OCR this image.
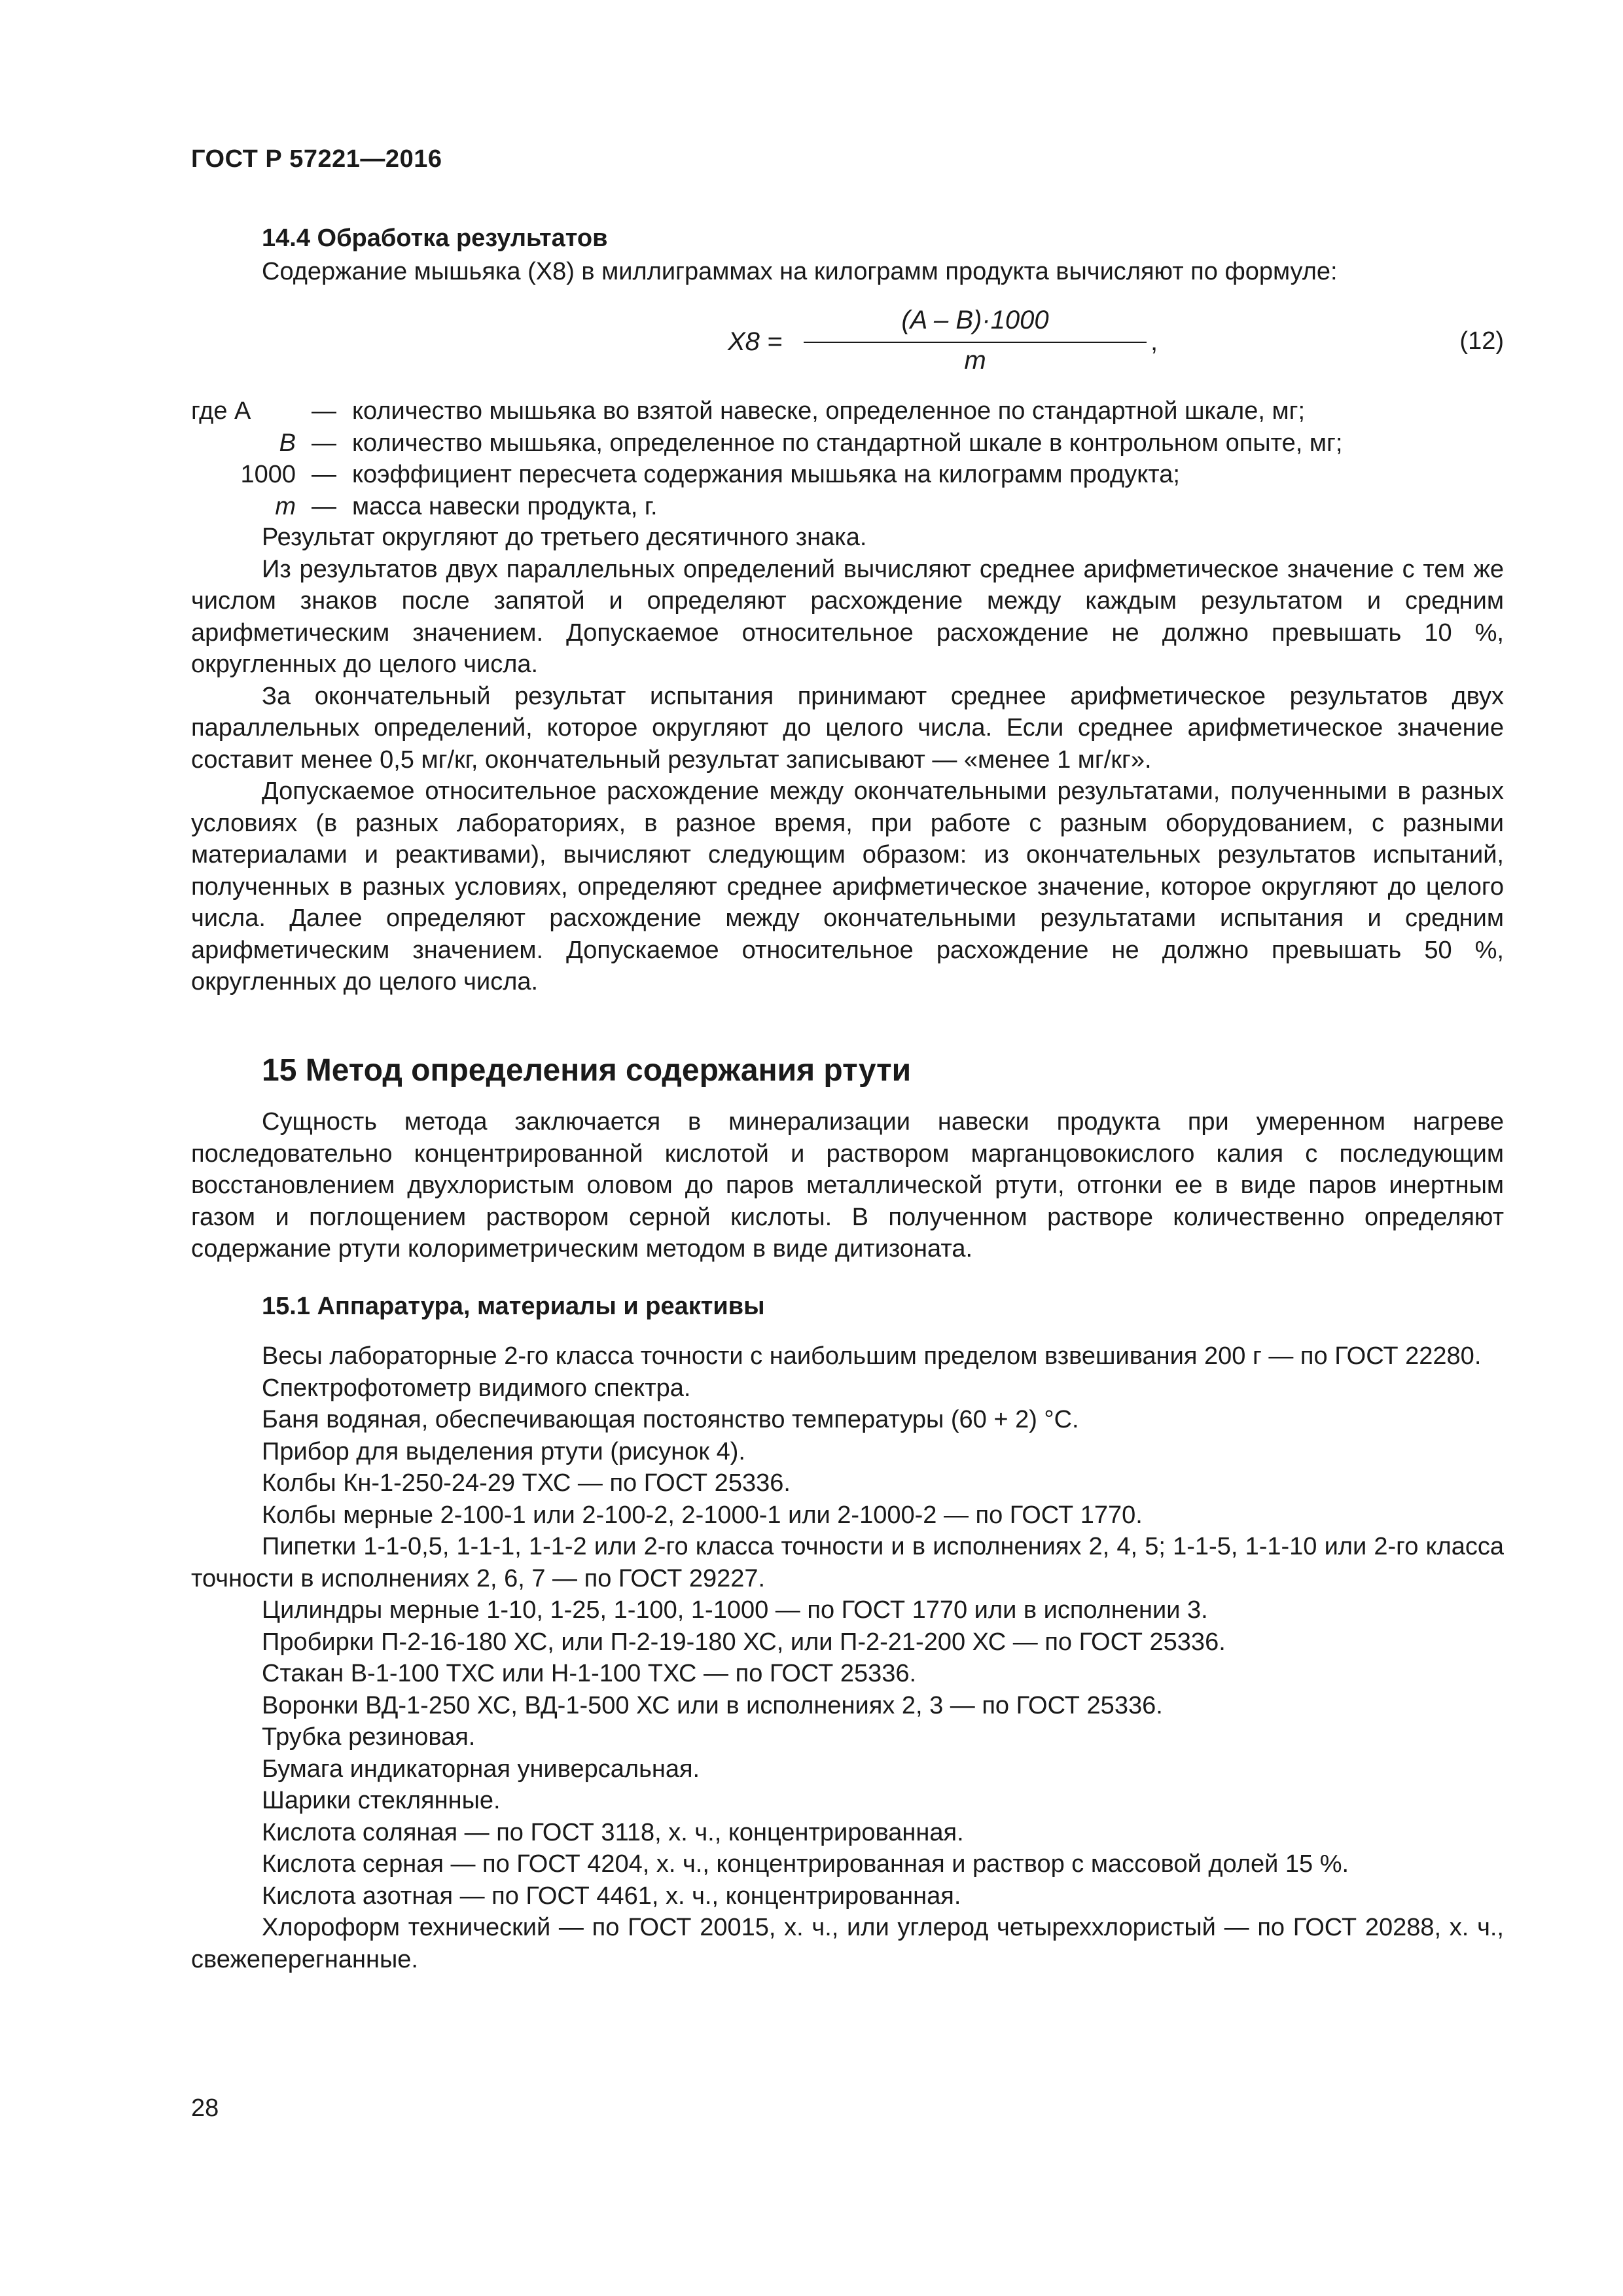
ГОСТ Р 57221—2016
14.4 Обработка результатов

Содержание мышьяка (X8) в миллиграммах на килограмм продукта вычисляют по формуле:

X8 =
(A – B)·1000
m
,	(12)
где A	— количество мышьяка во взятой навеске, определенное по стандартной шкале, мг;
B — количество мышьяка, определенное по стандартной шкале в контрольном опыте, мг;
1000 — коэффициент пересчета содержания мышьяка на килограмм продукта;
m — масса навески продукта, г.

Результат округляют до третьего десятичного знака.

Из результатов двух параллельных определений вычисляют среднее арифметическое значение с тем же числом знаков после запятой и определяют расхождение между каждым результатом и средним арифметическим значением. Допускаемое относительное расхождение не должно превышать 10 %, округленных до целого числа.

За окончательный результат испытания принимают среднее арифметическое результатов двух параллельных определений, которое округляют до целого числа. Если среднее арифметическое значение составит менее 0,5 мг/кг, окончательный результат записывают — «менее 1 мг/кг».

Допускаемое относительное расхождение между окончательными результатами, полученными в разных условиях (в разных лабораториях, в разное время, при работе с разным оборудованием, с разными материалами и реактивами), вычисляют следующим образом: из окончательных результатов испытаний, полученных в разных условиях, определяют среднее арифметическое значение, которое округляют до целого числа. Далее определяют расхождение между окончательными результатами испытания и средним арифметическим значением. Допускаемое относительное расхождение не должно превышать 50 %, округленных до целого числа.

15 Метод определения содержания ртути

Сущность метода заключается в минерализации навески продукта при умеренном нагреве последовательно концентрированной кислотой и раствором марганцовокислого калия с последующим восстановлением двухлористым оловом до паров металлической ртути, отгонки ее в виде паров инертным газом и поглощением раствором серной кислоты. В полученном растворе количественно определяют содержание ртути колориметрическим методом в виде дитизоната.

15.1 Аппаратура, материалы и реактивы

Весы лабораторные 2-го класса точности с наибольшим пределом взвешивания 200 г — по ГОСТ 22280.

Спектрофотометр видимого спектра.

Баня водяная, обеспечивающая постоянство температуры (60 + 2) °С.

Прибор для выделения ртути (рисунок 4).

Колбы Кн-1-250-24-29 ТХС — по ГОСТ 25336.

Колбы мерные 2-100-1 или 2-100-2, 2-1000-1 или 2-1000-2 — по ГОСТ 1770.

Пипетки 1-1-0,5, 1-1-1, 1-1-2 или 2-го класса точности и в исполнениях 2, 4, 5; 1-1-5, 1-1-10 или 2-го класса точности в исполнениях 2, 6, 7 — по ГОСТ 29227.

Цилиндры мерные 1-10, 1-25, 1-100, 1-1000 — по ГОСТ 1770 или в исполнении 3.

Пробирки П-2-16-180 ХС, или П-2-19-180 ХС, или П-2-21-200 ХС — по ГОСТ 25336.

Стакан В-1-100 ТХС или Н-1-100 ТХС — по ГОСТ 25336.

Воронки ВД-1-250 ХС, ВД-1-500 ХС или в исполнениях 2, 3 — по ГОСТ 25336.

Трубка резиновая.

Бумага индикаторная универсальная.

Шарики стеклянные.

Кислота соляная — по ГОСТ 3118, х. ч., концентрированная.

Кислота серная — по ГОСТ 4204, х. ч., концентрированная и раствор с массовой долей 15 %.

Кислота азотная — по ГОСТ 4461, х. ч., концентрированная.

Хлороформ технический — по ГОСТ 20015, х. ч., или углерод четыреххлористый — по ГОСТ 20288, х. ч., свежеперегнанные.

28
